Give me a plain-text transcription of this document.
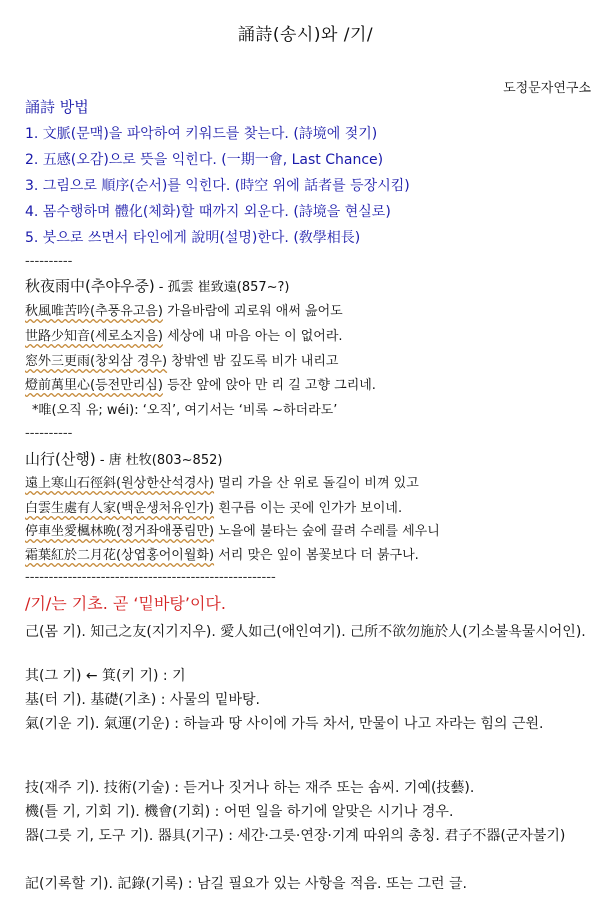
誦詩(송시)와 /기/
도정문자연구소
誦詩 방법
1. 文脈(문맥)을 파악하여 키워드를 찾는다. (詩境에 젖기)
2. 五感(오감)으로 뜻을 익힌다. (一期一會, Last Chance)
3. 그림으로 順序(순서)를 익힌다. (時空 위에 話者를 등장시킴)
4. 몸수행하며 體化(체화)할 때까지 외운다. (詩境을 현실로)
5. 붓으로 쓰면서 타인에게 說明(설명)한다. (敎學相長)
----------
秋夜雨中(추야우중) - 孤雲 崔致遠(857~?)
秋風唯苦吟(추풍유고음) 가을바람에 괴로워 애써 읊어도
世路少知音(세로소지음) 세상에 내 마음 아는 이 없어라.
窓外三更雨(창외삼 경우) 창밖엔 밤 깊도록 비가 내리고
燈前萬里心(등전만리심) 등잔 앞에 앉아 만 리 길 고향 그리네.
*唯(오직 유; wéi): ‘오직’, 여기서는 ‘비록 ~하더라도’
----------
山行(산행) - 唐 杜牧(803~852)
遠上寒山石徑斜(원상한산석경사) 멀리 가을 산 위로 돌길이 비껴 있고
白雲生處有人家(백운생처유인가) 흰구름 이는 곳에 인가가 보이네.
停車坐愛楓林晩(정거좌애풍림만) 노을에 불타는 숲에 끌려 수레를 세우니
霜葉紅於二月花(상엽홍어이월화) 서리 맞은 잎이 봄꽃보다 더 붉구나.
-----------------------------------------------------
/기/는 기초. 곧 ‘밑바탕’이다.
己(몸 기). 知己之友(지기지우). 愛人如己(애인여기). 己所不欲勿施於人(기소불욕물시어인).
其(그 기) ← 箕(키 기) : 기
基(터 기). 基礎(기초) : 사물의 밑바탕.
氣(기운 기). 氣運(기운) : 하늘과 땅 사이에 가득 차서, 만물이 나고 자라는 힘의 근원.
技(재주 기). 技術(기술) : 듣거나 짓거나 하는 재주 또는 솜씨. 기예(技藝).
機(틀 기, 기회 기). 機會(기회) : 어떤 일을 하기에 알맞은 시기나 경우.
器(그릇 기, 도구 기). 器具(기구) : 세간·그릇·연장·기계 따위의 총칭. 君子不器(군자불기)
記(기록할 기). 記錄(기록) : 남길 필요가 있는 사항을 적음. 또는 그런 글.
